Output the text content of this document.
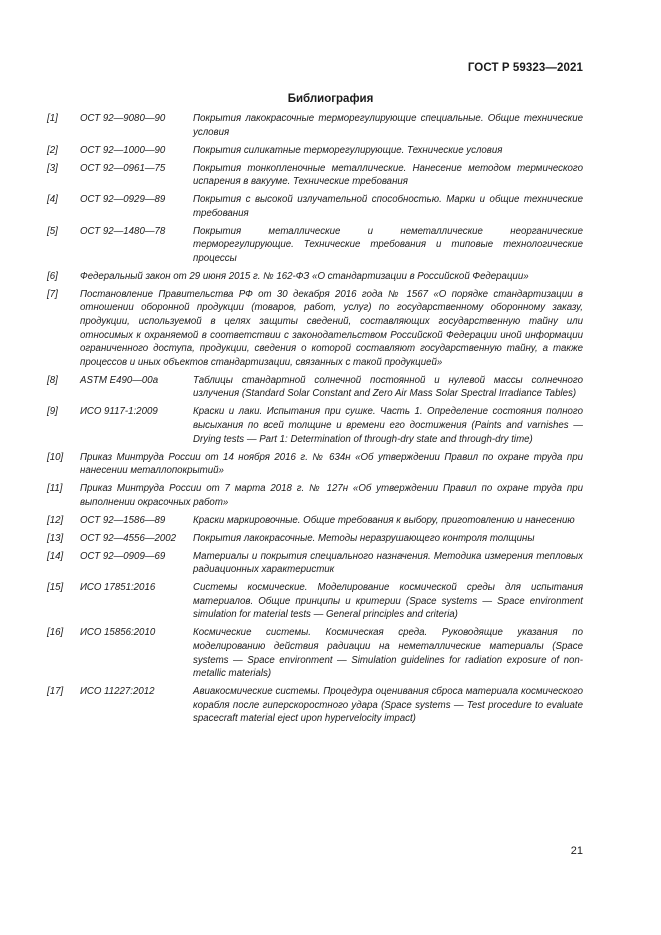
ГОСТ Р 59323—2021
Библиография
[1]	ОСТ 92—9080—90	Покрытия лакокрасочные терморегулирующие специальные. Общие технические условия
[2]	ОСТ 92—1000—90	Покрытия силикатные терморегулирующие. Технические условия
[3]	ОСТ 92—0961—75	Покрытия тонкопленочные металлические. Нанесение методом термического испарения в вакууме. Технические требования
[4]	ОСТ 92—0929—89	Покрытия с высокой излучательной способностью. Марки и общие технические требования
[5]	ОСТ 92—1480—78	Покрытия металлические и неметаллические неорганические терморегулирующие. Технические требования и типовые технологические процессы
[6]	Федеральный закон от 29 июня 2015 г. № 162-ФЗ «О стандартизации в Российской Федерации»
[7]	Постановление Правительства РФ от 30 декабря 2016 года № 1567 «О порядке стандартизации в отношении оборонной продукции (товаров, работ, услуг) по государственному оборонному заказу, продукции, используемой в целях защиты сведений, составляющих государственную тайну или относимых к охраняемой в соответствии с законодательством Российской Федерации иной информации ограниченного доступа, продукции, сведения о которой составляют государственную тайну, а также процессов и иных объектов стандартизации, связанных с такой продукцией»
[8]	ASTM E490—00a	Таблицы стандартной солнечной постоянной и нулевой массы солнечного излучения (Standard Solar Constant and Zero Air Mass Solar Spectral Irradiance Tables)
[9]	ИСО 9117-1:2009	Краски и лаки. Испытания при сушке. Часть 1. Определение состояния полного высыхания по всей толщине и времени его достижения (Paints and varnishes — Drying tests — Part 1: Determination of through-dry state and through-dry time)
[10]	Приказ Минтруда России от 14 ноября 2016 г. № 634н «Об утверждении Правил по охране труда при нанесении металлопокрытий»
[11]	Приказ Минтруда России от 7 марта 2018 г. № 127н «Об утверждении Правил по охране труда при выполнении окрасочных работ»
[12]	ОСТ 92—1586—89	Краски маркировочные. Общие требования к выбору, приготовлению и нанесению
[13]	ОСТ 92—4556—2002	Покрытия лакокрасочные. Методы неразрушающего контроля толщины
[14]	ОСТ 92—0909—69	Материалы и покрытия специального назначения. Методика измерения тепловых радиационных характеристик
[15]	ИСО 17851:2016	Системы космические. Моделирование космической среды для испытания материалов. Общие принципы и критерии (Space systems — Space environment simulation for material tests — General principles and criteria)
[16]	ИСО 15856:2010	Космические системы. Космическая среда. Руководящие указания по моделированию действия радиации на неметаллические материалы (Space systems — Space environment — Simulation guidelines for radiation exposure of non-metallic materials)
[17]	ИСО 11227:2012	Авиакосмические системы. Процедура оценивания сброса материала космического корабля после гиперскоростного удара (Space systems — Test procedure to evaluate spacecraft material eject upon hypervelocity impact)
21
